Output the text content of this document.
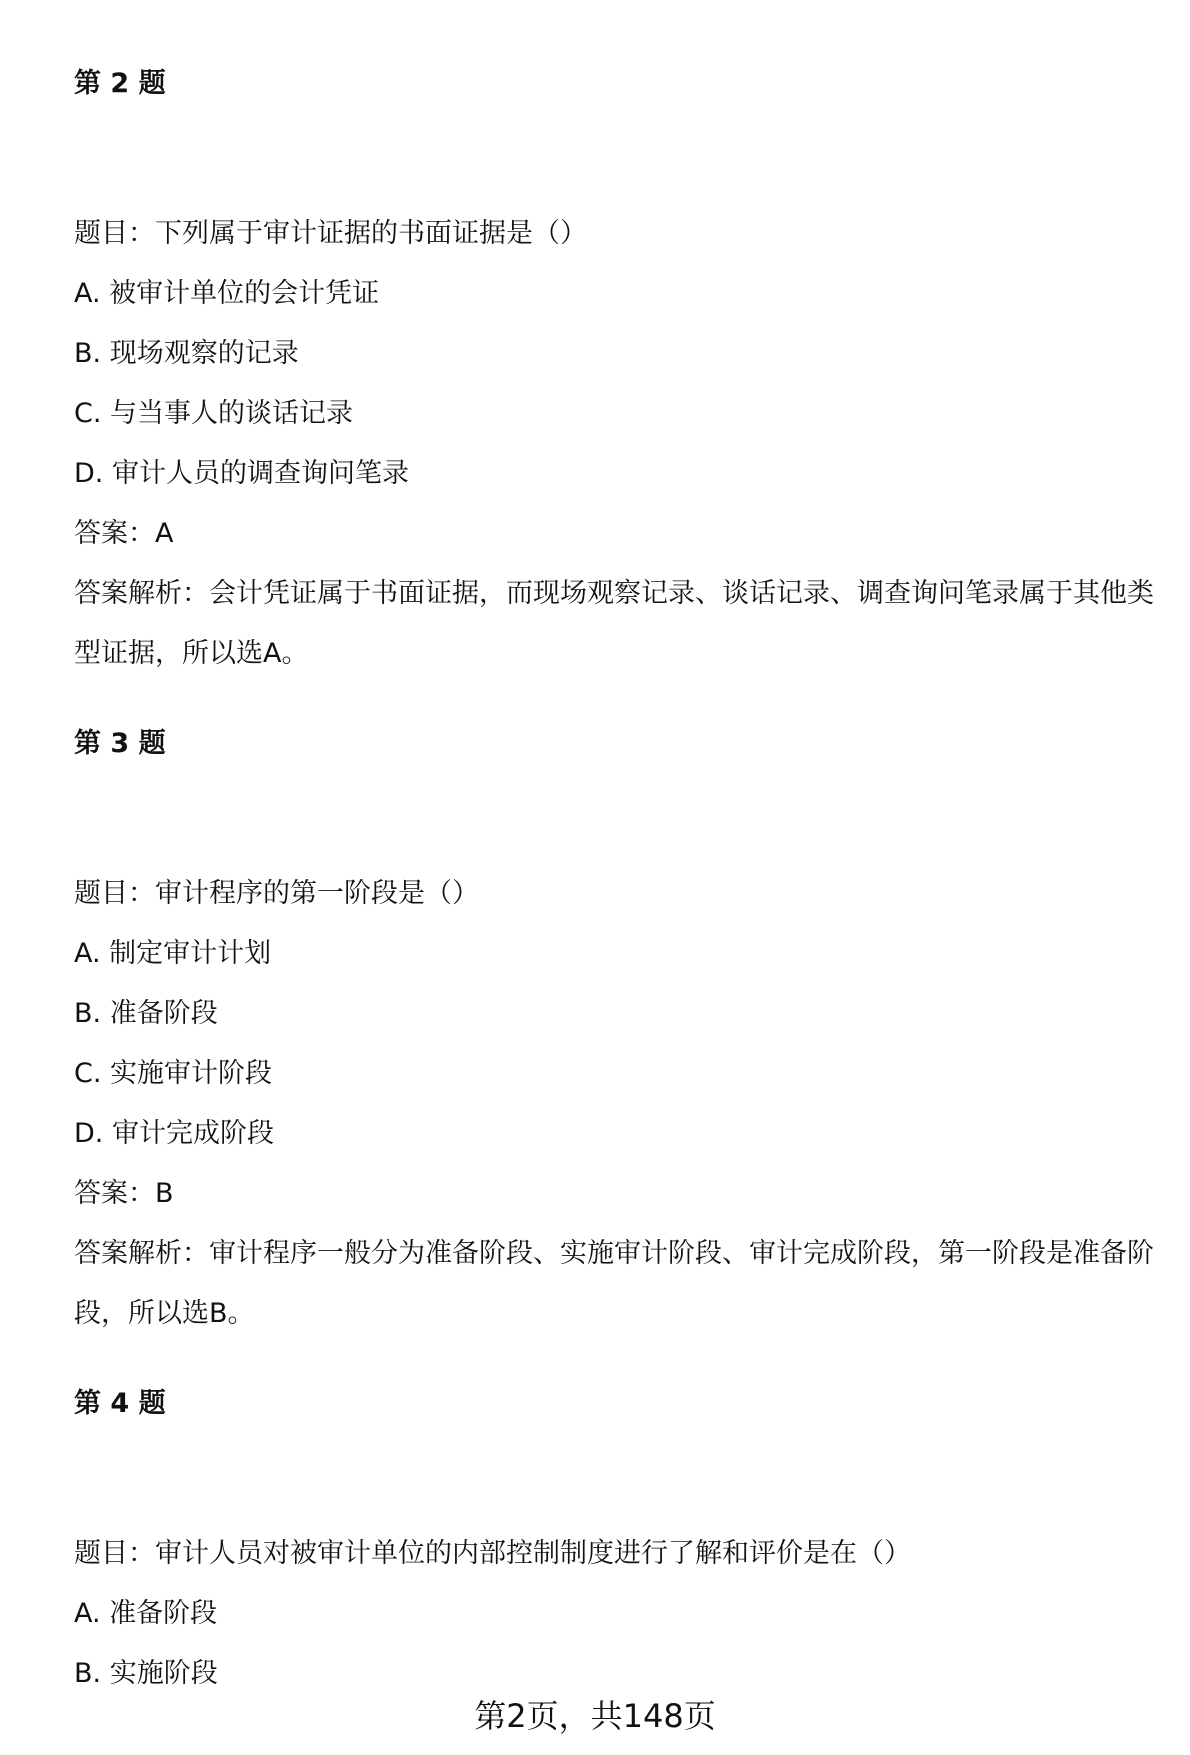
第 2 题
题目：下列属于审计证据的书面证据是（）
A. 被审计单位的会计凭证
B. 现场观察的记录
C. 与当事人的谈话记录
D. 审计人员的调查询问笔录
答案：A
答案解析：会计凭证属于书面证据，而现场观察记录、谈话记录、调查询问笔录属于其他类型证据，所以选A。
第 3 题
题目：审计程序的第一阶段是（）
A. 制定审计计划
B. 准备阶段
C. 实施审计阶段
D. 审计完成阶段
答案：B
答案解析：审计程序一般分为准备阶段、实施审计阶段、审计完成阶段，第一阶段是准备阶段，所以选B。
第 4 题
题目：审计人员对被审计单位的内部控制制度进行了解和评价是在（）
A. 准备阶段
B. 实施阶段
第2页，共148页
